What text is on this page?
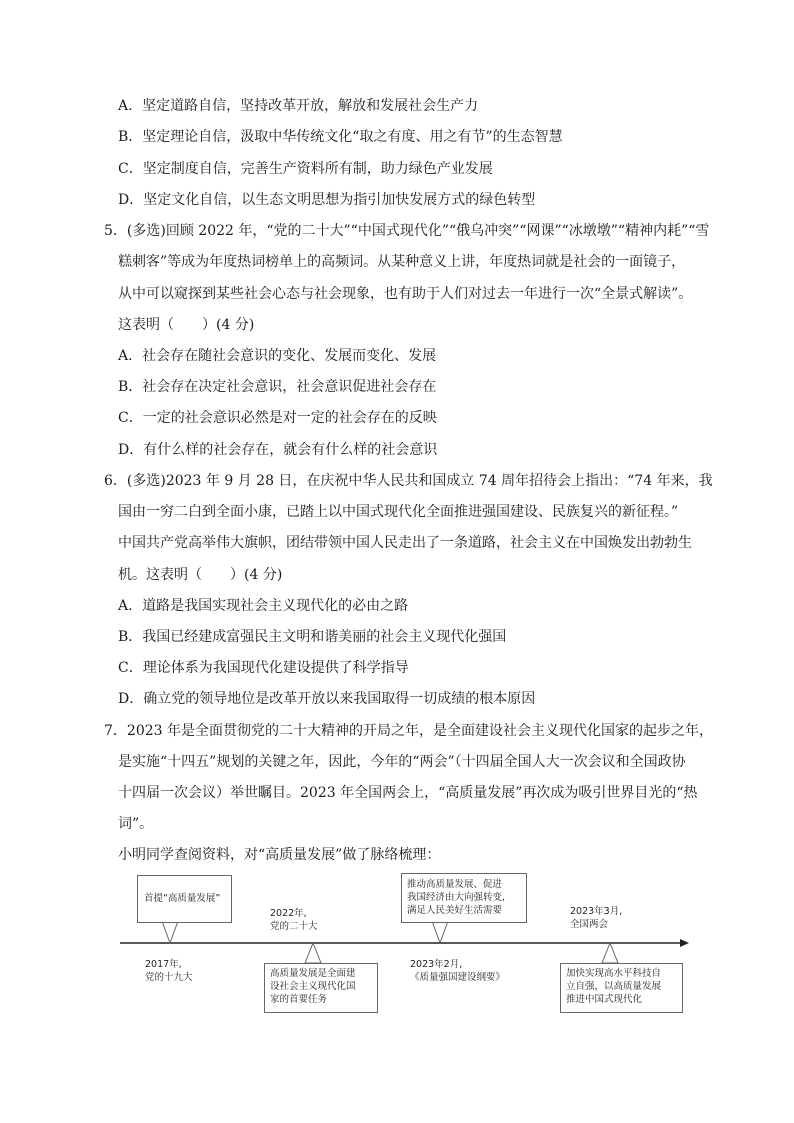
A．坚定道路自信，坚持改革开放，解放和发展社会生产力
B．坚定理论自信，汲取中华传统文化“取之有度、用之有节”的生态智慧
C．坚定制度自信，完善生产资料所有制，助力绿色产业发展
D．坚定文化自信，以生态文明思想为指引加快发展方式的绿色转型
5．(多选)回顾 2022 年，“党的二十大”“中国式现代化”“俄乌冲突”“网课”“冰墩墩”“精神内耗”“雪
糕刺客”等成为年度热词榜单上的高频词。从某种意义上讲，年度热词就是社会的一面镜子，
从中可以窥探到某些社会心态与社会现象，也有助于人们对过去一年进行一次“全景式解读”。
这表明（　　）(4 分)
A．社会存在随社会意识的变化、发展而变化、发展
B．社会存在决定社会意识，社会意识促进社会存在
C．一定的社会意识必然是对一定的社会存在的反映
D．有什么样的社会存在，就会有什么样的社会意识
6．(多选)2023 年 9 月 28 日，在庆祝中华人民共和国成立 74 周年招待会上指出：“74 年来，我
国由一穷二白到全面小康，已踏上以中国式现代化全面推进强国建设、民族复兴的新征程。”
中国共产党高举伟大旗帜，团结带领中国人民走出了一条道路，社会主义在中国焕发出勃勃生
机。这表明（　　）(4 分)
A．道路是我国实现社会主义现代化的必由之路
B．我国已经建成富强民主文明和谐美丽的社会主义现代化强国
C．理论体系为我国现代化建设提供了科学指导
D．确立党的领导地位是改革开放以来我国取得一切成绩的根本原因
7．2023 年是全面贯彻党的二十大精神的开局之年，是全面建设社会主义现代化国家的起步之年，
是实施“十四五”规划的关键之年，因此，今年的“两会”（十四届全国人大一次会议和全国政协
十四届一次会议）举世瞩目。2023 年全国两会上，“高质量发展”再次成为吸引世界目光的“热
词”。
小明同学查阅资料，对“高质量发展”做了脉络梳理：
首提“高质量发展”
2017年,
党的十九大
2022年,
党的二十大
高质量发展是全面建
设社会主义现代化国
家的首要任务
推动高质量发展、促进
我国经济由大向强转变,
满足人民美好生活需要
2023年2月,
《质量强国建设纲要》
2023年3月,
全国两会
加快实现高水平科技自
立自强，以高质量发展
推进中国式现代化
